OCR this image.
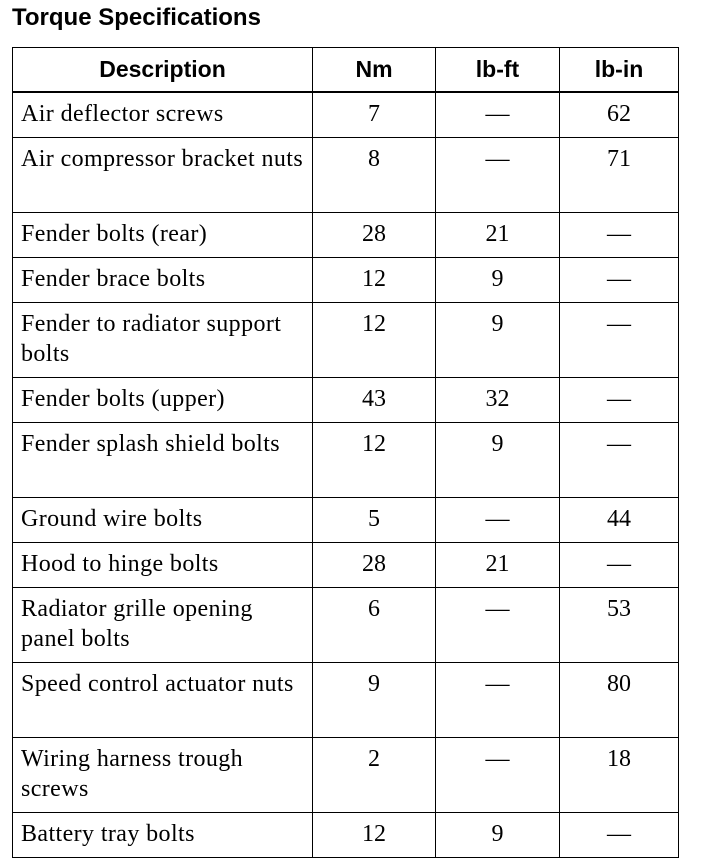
Torque Specifications
Description	Nm	lb-ft	lb-in
Air deflector screws	7	—	62
Air compressor bracket nuts	8	—	71
Fender bolts (rear)	28	21	—
Fender brace bolts	12	9	—
Fender to radiator support bolts	12	9	—
Fender bolts (upper)	43	32	—
Fender splash shield bolts	12	9	—
Ground wire bolts	5	—	44
Hood to hinge bolts	28	21	—
Radiator grille opening panel bolts	6	—	53
Speed control actuator nuts	9	—	80
Wiring harness trough screws	2	—	18
Battery tray bolts	12	9	—
